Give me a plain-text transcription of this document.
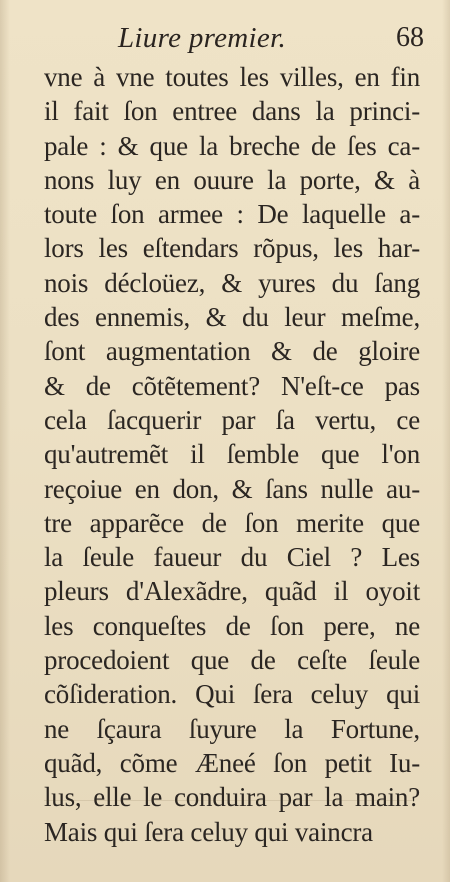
Liure premier.	68
vne à vne toutes les villes, en fin
il fait ſon entree dans la princi-
pale : & que la breche de ſes ca-
nons luy en ouure la porte, & à
toute ſon armee : De laquelle a-
lors les eſtendars rõpus, les har-
nois décloüez, & yures du ſang
des ennemis, & du leur meſme,
ſont augmentation & de gloire
& de cõtẽtement? N'eſt-ce pas
cela ſacquerir par ſa vertu, ce
qu'autremẽt il ſemble que l'on
reçoiue en don, & ſans nulle au-
tre apparẽce de ſon merite que
la ſeule faueur du Ciel ? Les
pleurs d'Alexãdre, quãd il oyoit
les conqueſtes de ſon pere, ne
procedoient que de ceſte ſeule
cõſideration. Qui ſera celuy qui
ne ſçaura ſuyure la Fortune,
quãd, cõme Æneé ſon petit Iu-
lus, elle le conduira par la main?
Mais qui ſera celuy qui vaincra
